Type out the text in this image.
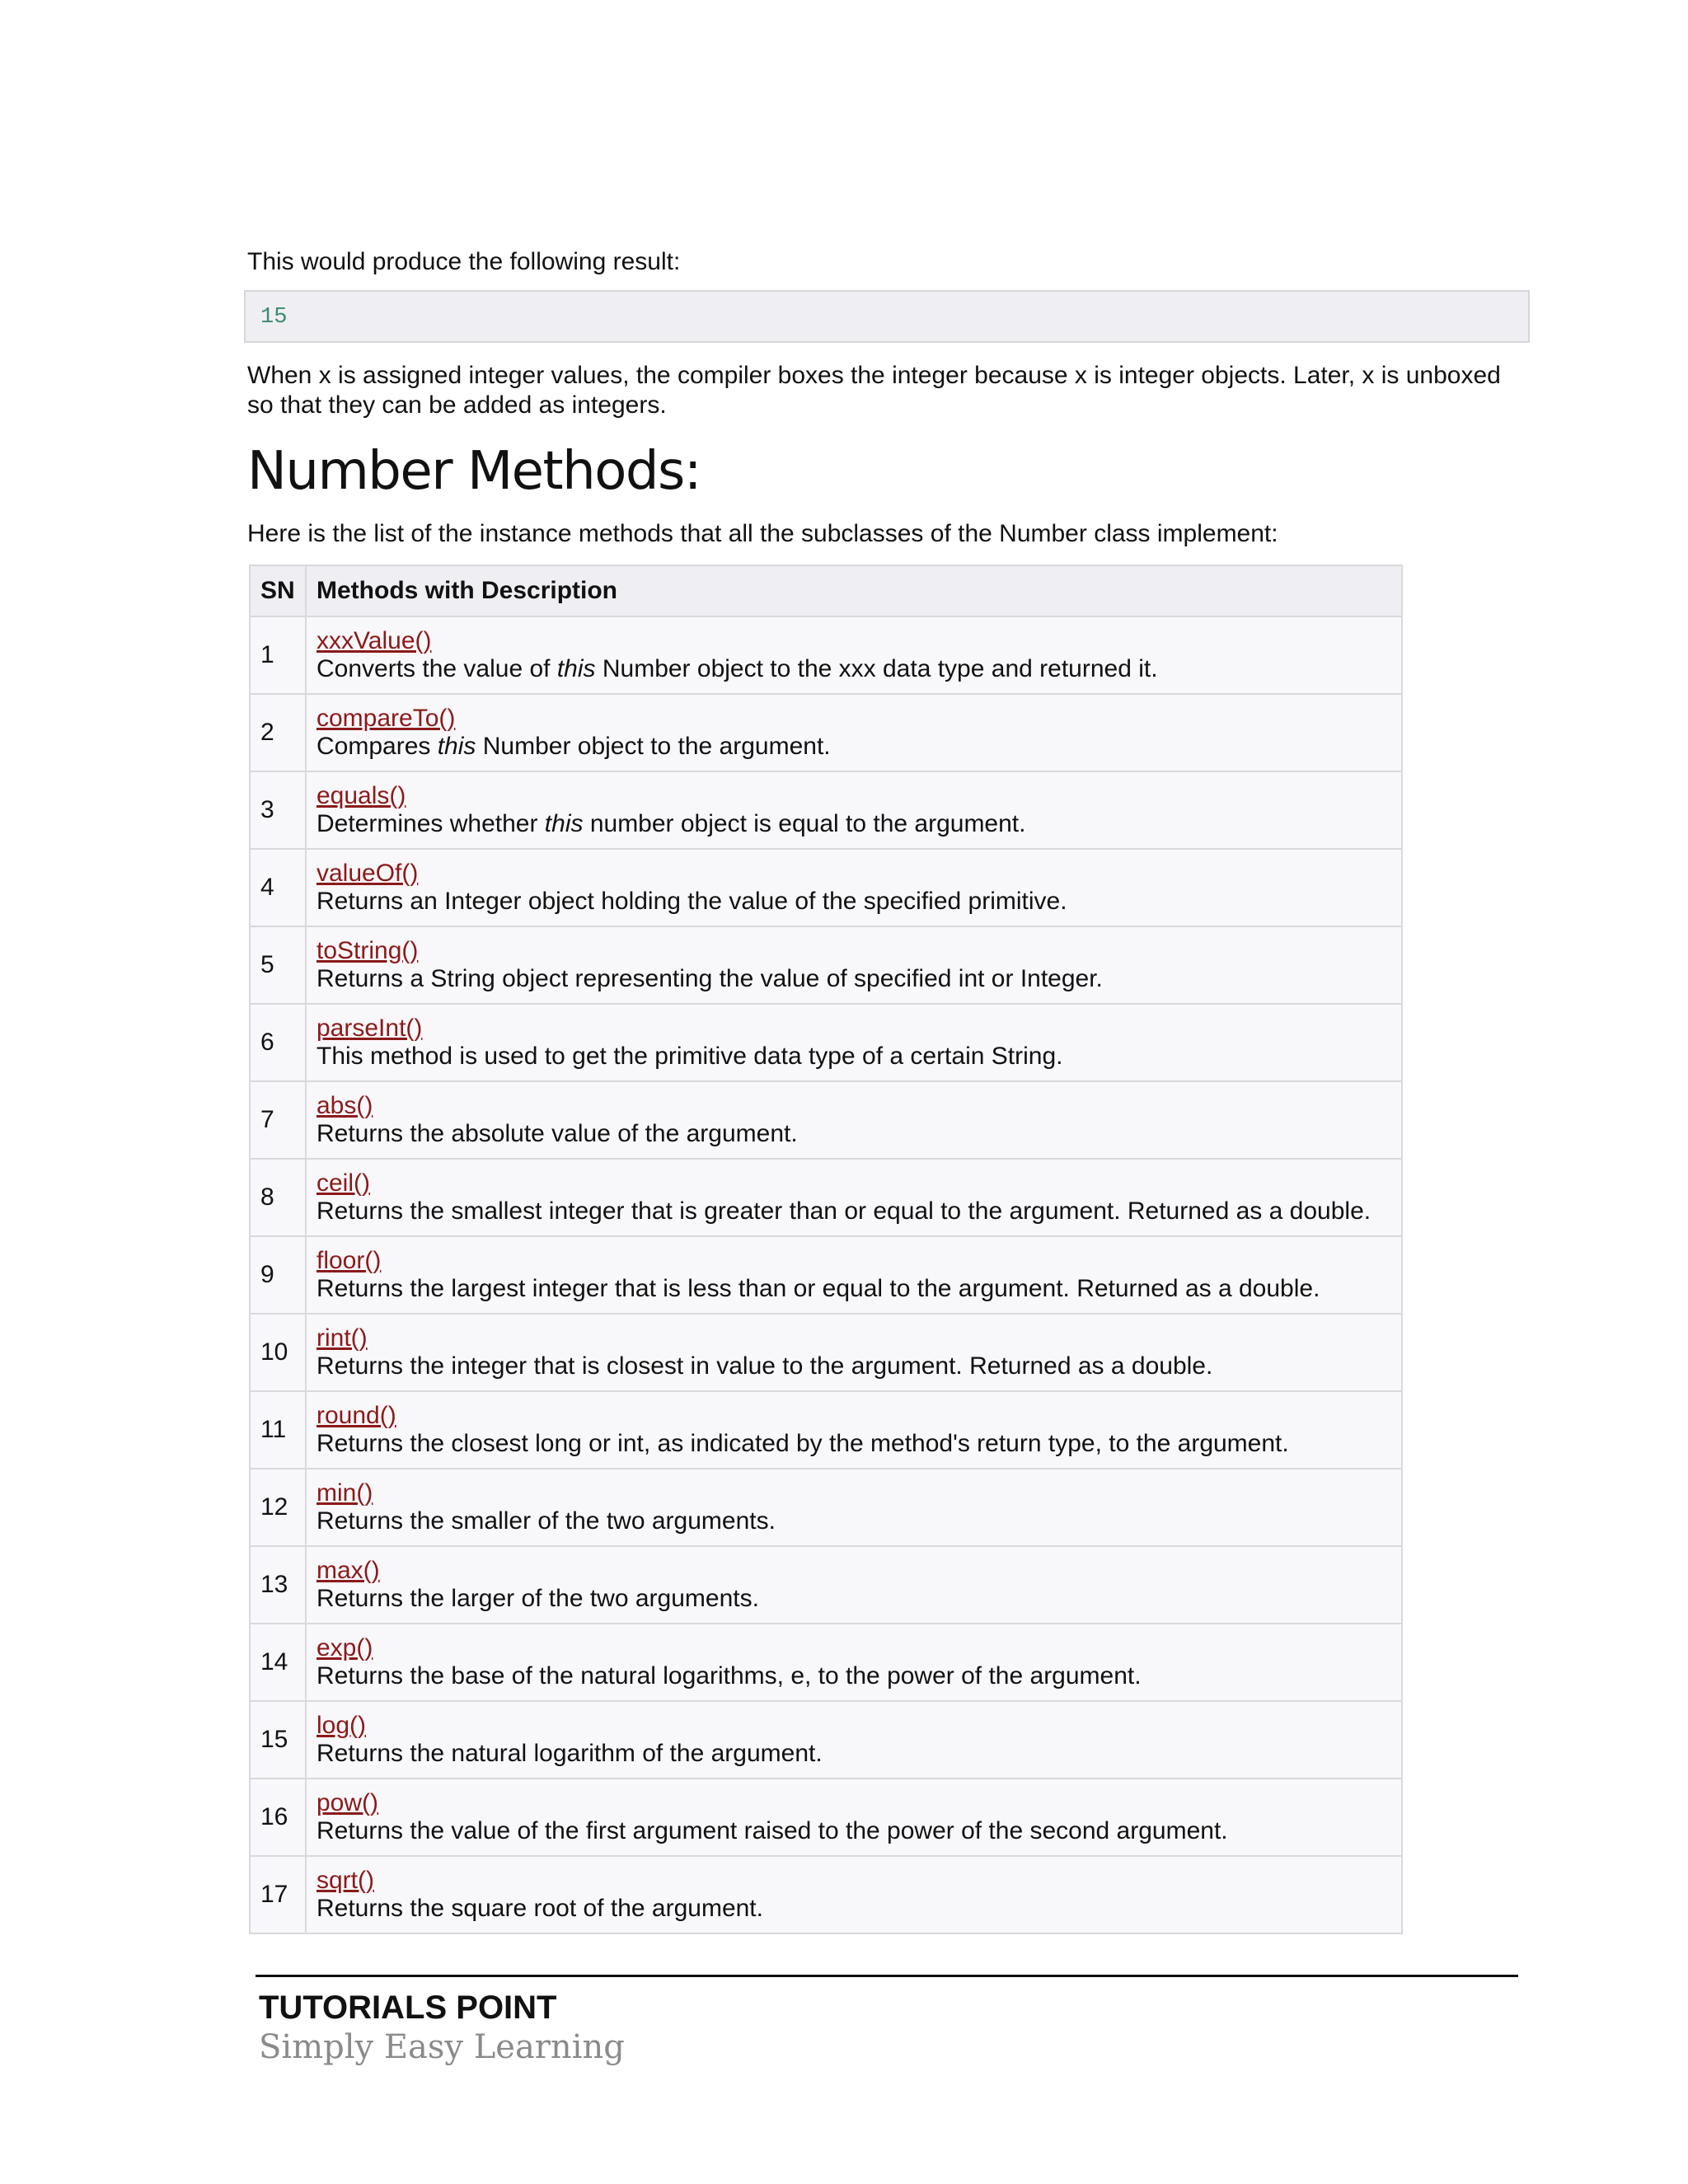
This would produce the following result:

15

When x is assigned integer values, the compiler boxes the integer because x is integer objects. Later, x is unboxed so that they can be added as integers.

Number Methods:

Here is the list of the instance methods that all the subclasses of the Number class implement:

SN	Methods with Description
1	xxxValue()
Converts the value of this Number object to the xxx data type and returned it.

2	compareTo()
Compares this Number object to the argument.

3	equals()
Determines whether this number object is equal to the argument.

4	valueOf()
Returns an Integer object holding the value of the specified primitive.

5	toString()
Returns a String object representing the value of specified int or Integer.

6	parseInt()
This method is used to get the primitive data type of a certain String.

7	abs()
Returns the absolute value of the argument.

8	ceil()
Returns the smallest integer that is greater than or equal to the argument. Returned as a double.

9	floor()
Returns the largest integer that is less than or equal to the argument. Returned as a double.

10	rint()
Returns the integer that is closest in value to the argument. Returned as a double.

11	round()
Returns the closest long or int, as indicated by the method's return type, to the argument.

12	min()
Returns the smaller of the two arguments.

13	max()
Returns the larger of the two arguments.

14	exp()
Returns the base of the natural logarithms, e, to the power of the argument.

15	log()
Returns the natural logarithm of the argument.

16	pow()
Returns the value of the first argument raised to the power of the second argument.

17	sqrt()
Returns the square root of the argument.

TUTORIALS POINT

Simply Easy Learning
